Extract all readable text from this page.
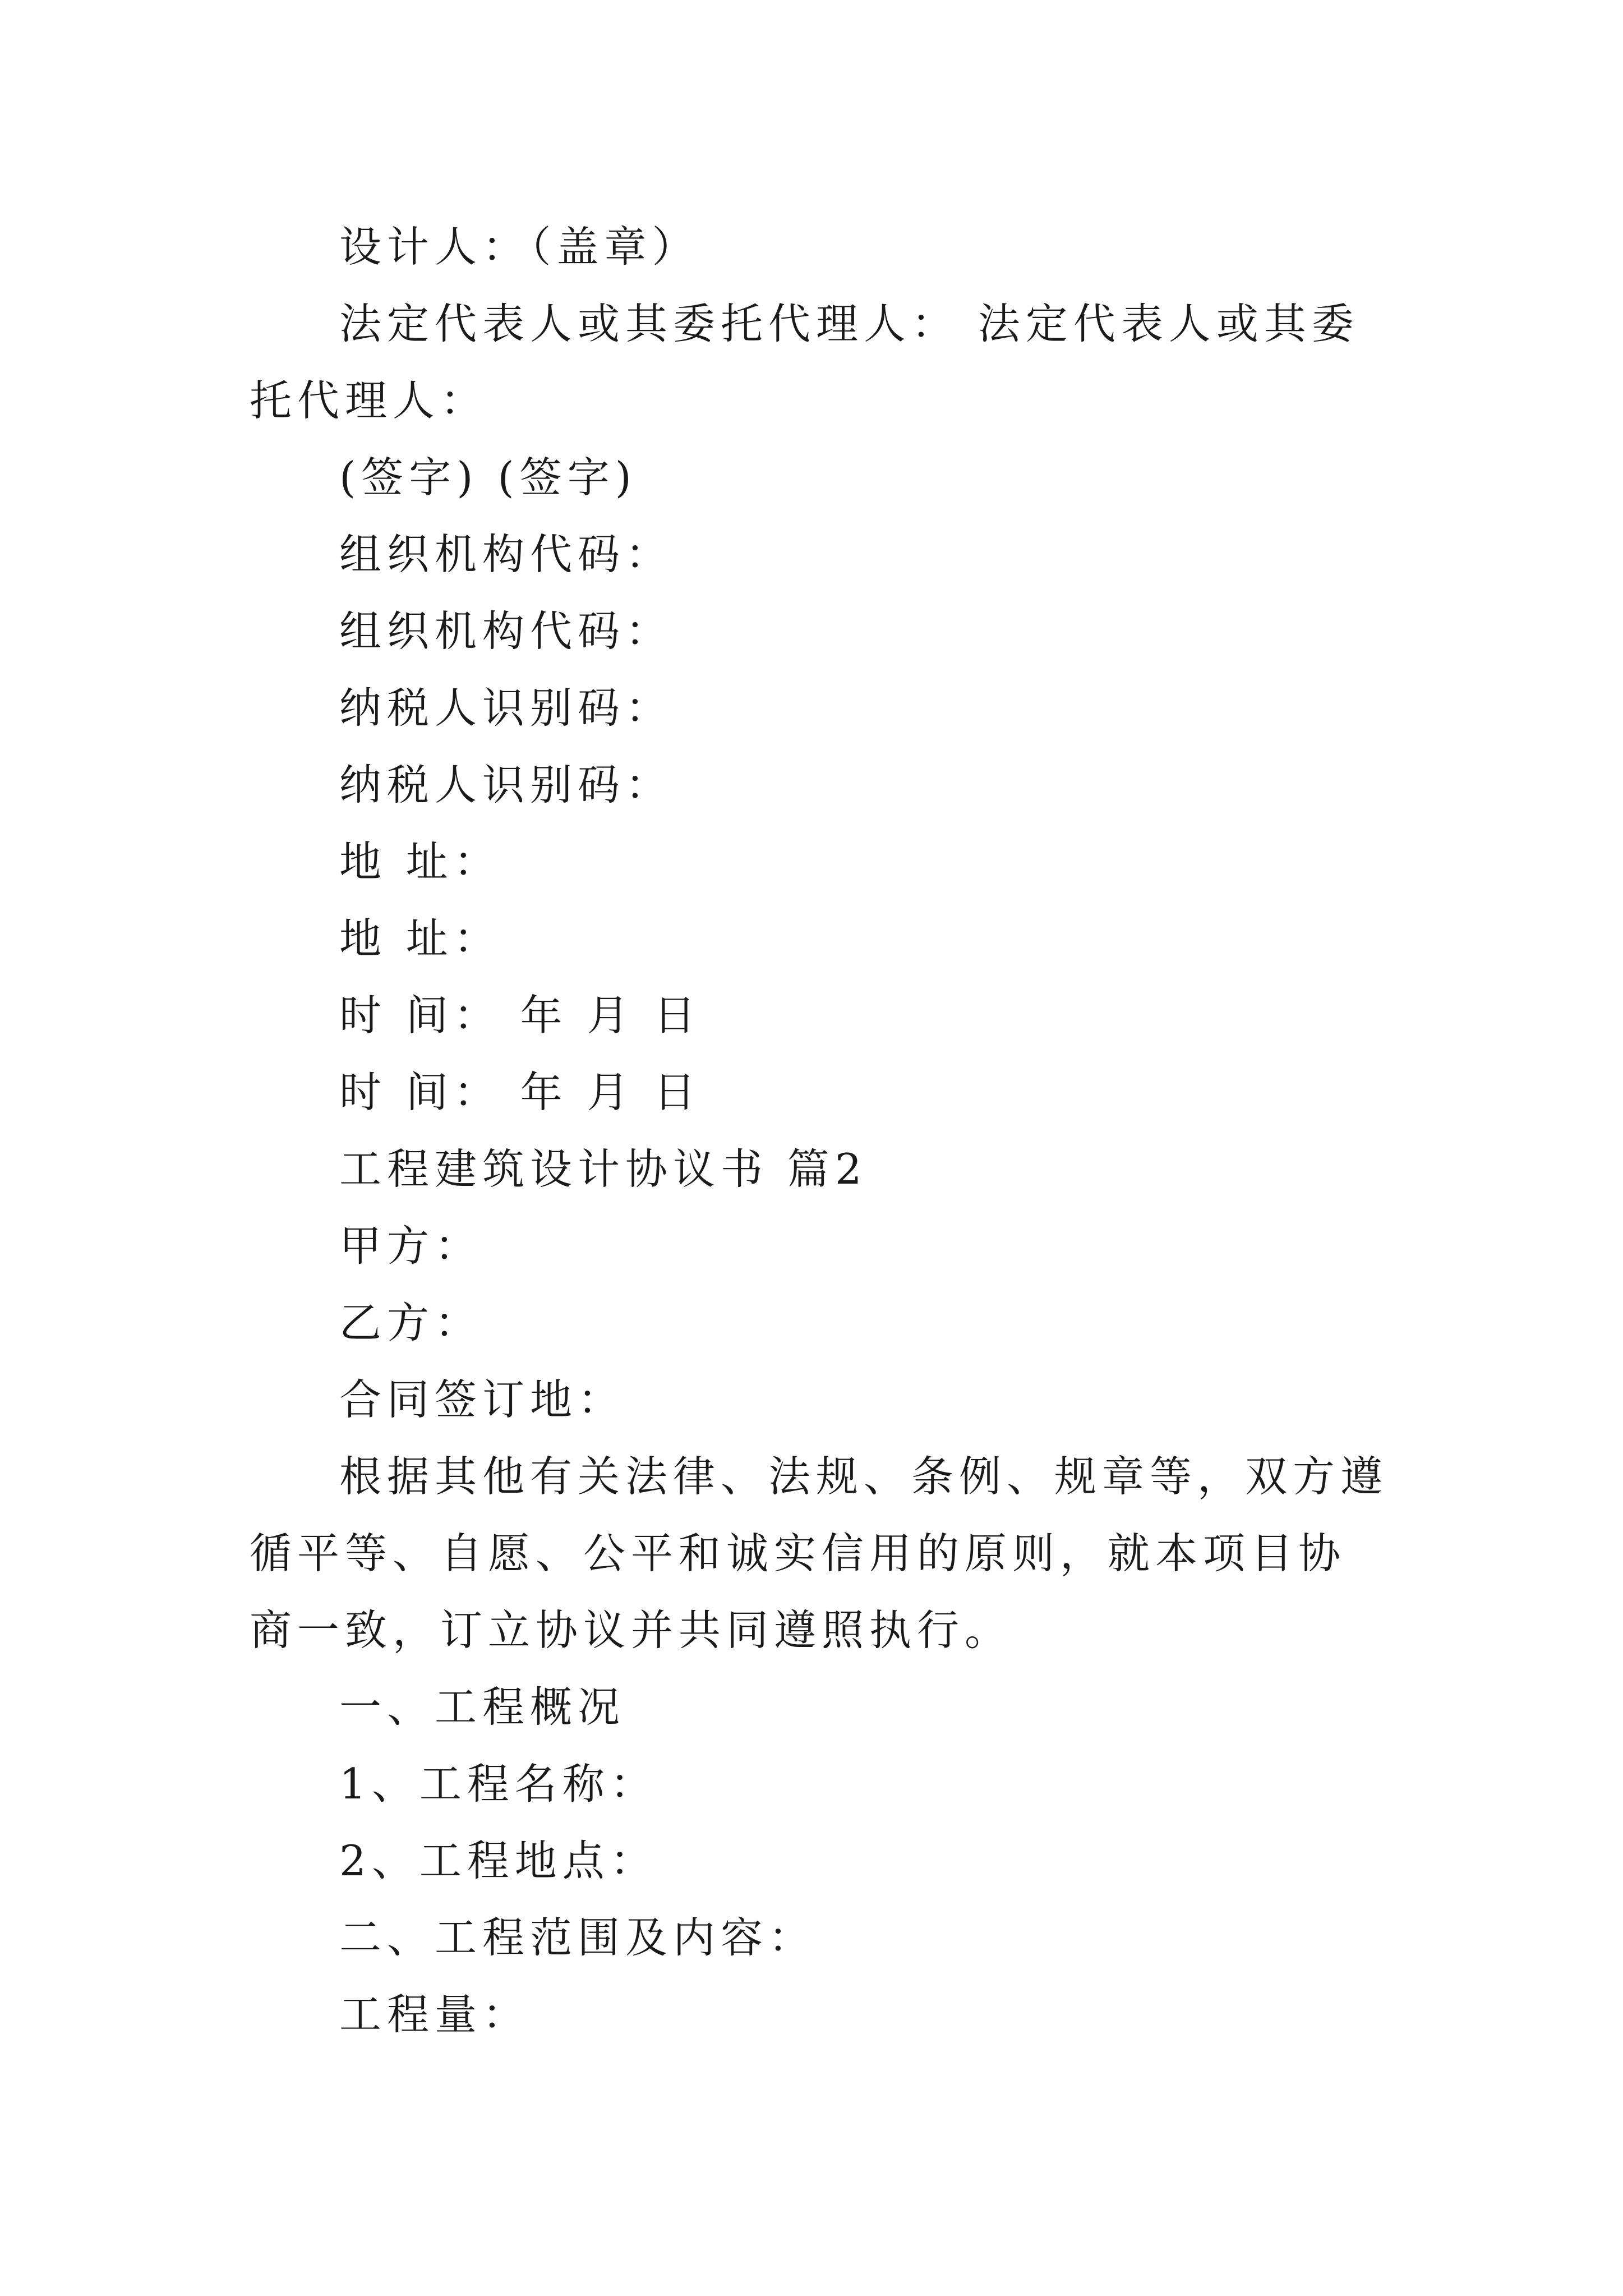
设计人：（盖章）

法定代表人或其委托代理人： 法定代表人或其委托代理人：

(签字) (签字)

组织机构代码：

组织机构代码：

纳税人识别码：

纳税人识别码：

地 址：

地 址：

时 间： 年 月 日

时 间： 年 月 日

工程建筑设计协议书 篇2

甲方：

乙方：

合同签订地：

根据其他有关法律、法规、条例、规章等，双方遵循平等、自愿、公平和诚实信用的原则，就本项目协商一致，订立协议并共同遵照执行。

一、工程概况

1、工程名称：

2、工程地点：

二、工程范围及内容：

工程量：
